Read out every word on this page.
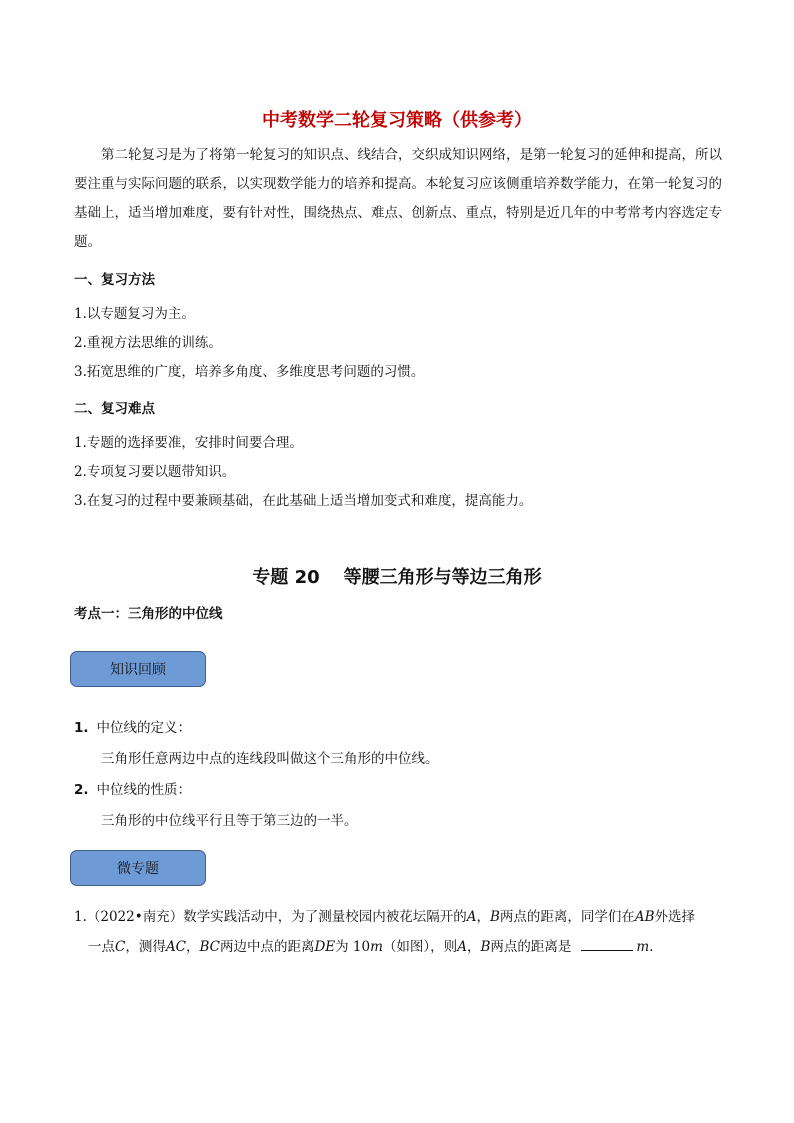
中考数学二轮复习策略（供参考）
第二轮复习是为了将第一轮复习的知识点、线结合，交织成知识网络，是第一轮复习的延伸和提高，所以要注重与实际问题的联系，以实现数学能力的培养和提高。本轮复习应该侧重培养数学能力，在第一轮复习的基础上，适当增加难度，要有针对性，围绕热点、难点、创新点、重点，特别是近几年的中考常考内容选定专题。
一、复习方法
1.以专题复习为主。
2.重视方法思维的训练。
3.拓宽思维的广度，培养多角度、多维度思考问题的习惯。
二、复习难点
1.专题的选择要准，安排时间要合理。
2.专项复习要以题带知识。
3.在复习的过程中要兼顾基础，在此基础上适当增加变式和难度，提高能力。
专题 20 等腰三角形与等边三角形
考点一：三角形的中位线
知识回顾
1. 中位线的定义：
三角形任意两边中点的连线段叫做这个三角形的中位线。
2. 中位线的性质：
三角形的中位线平行且等于第三边的一半。
微专题
1.（2022•南充）数学实践活动中，为了测量校园内被花坛隔开的A，B两点的距离，同学们在AB外选择
一点C，测得AC，BC两边中点的距离DE为 10m（如图），则A，B两点的距离是	m.
